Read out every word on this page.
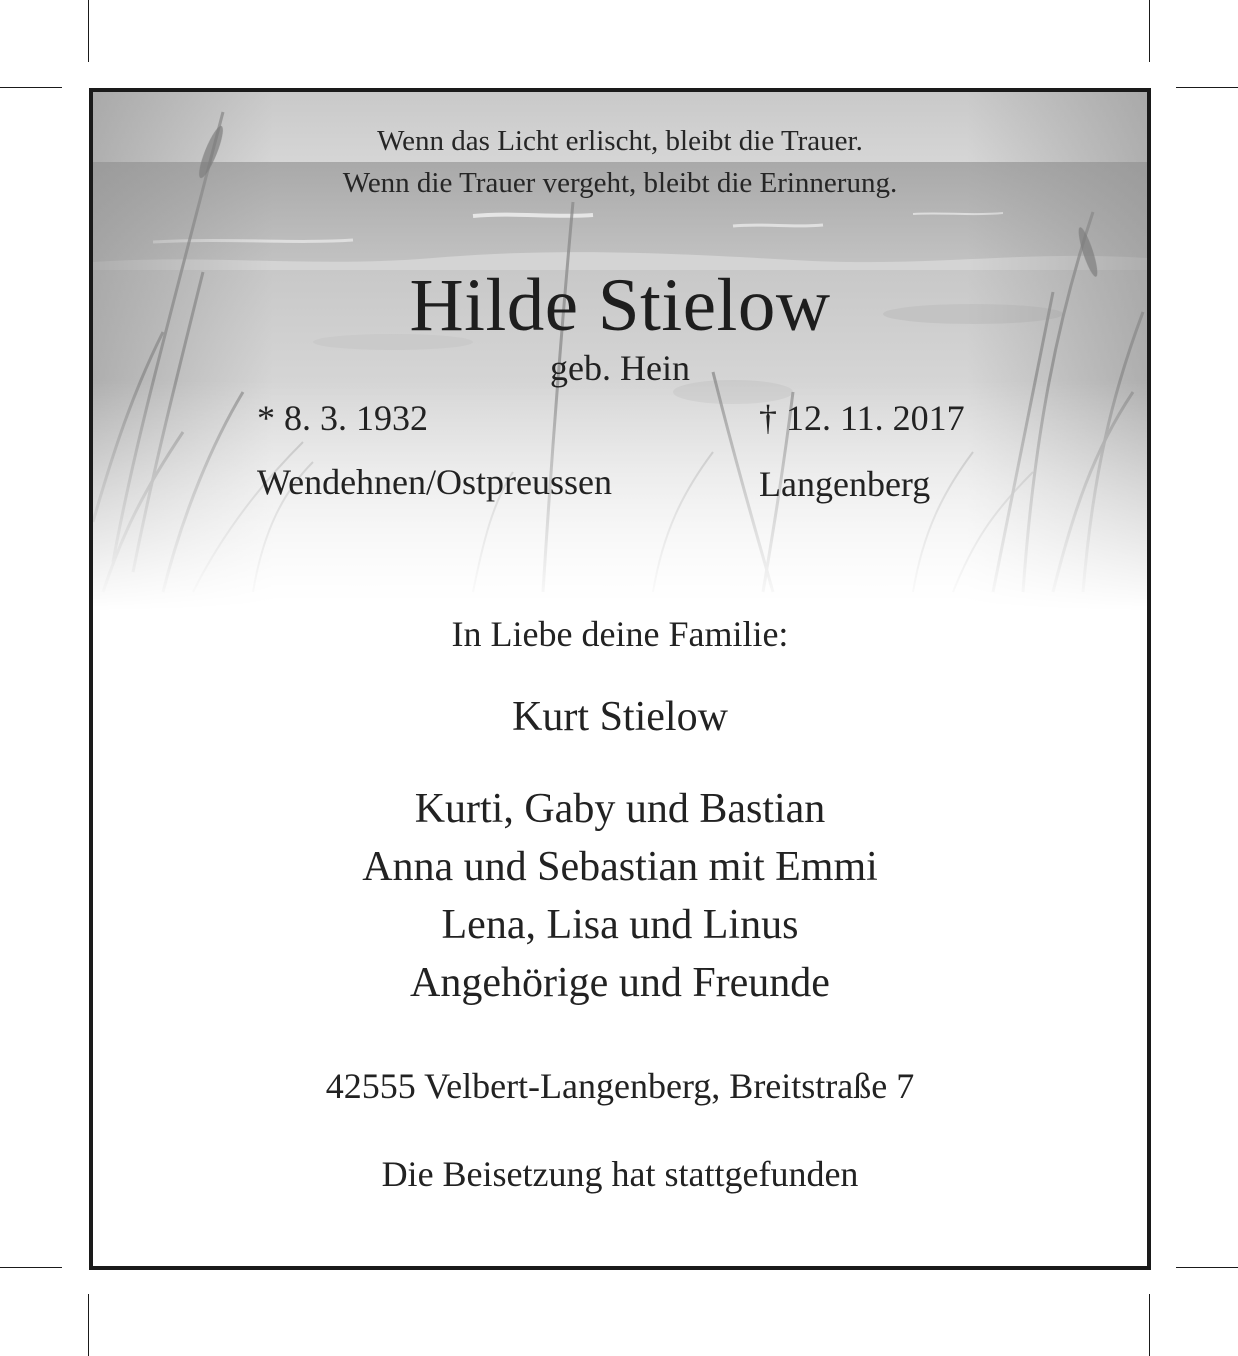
Wenn das Licht erlischt, bleibt die Trauer.
Wenn die Trauer vergeht, bleibt die Erinnerung.
Hilde Stielow
geb. Hein
* 8. 3. 1932
Wendehnen/Ostpreussen
† 12. 11. 2017
Langenberg
In Liebe deine Familie:
Kurt Stielow
Kurti, Gaby und Bastian
Anna und Sebastian mit Emmi
Lena, Lisa und Linus
Angehörige und Freunde
42555 Velbert-Langenberg, Breitstraße 7
Die Beisetzung hat stattgefunden
